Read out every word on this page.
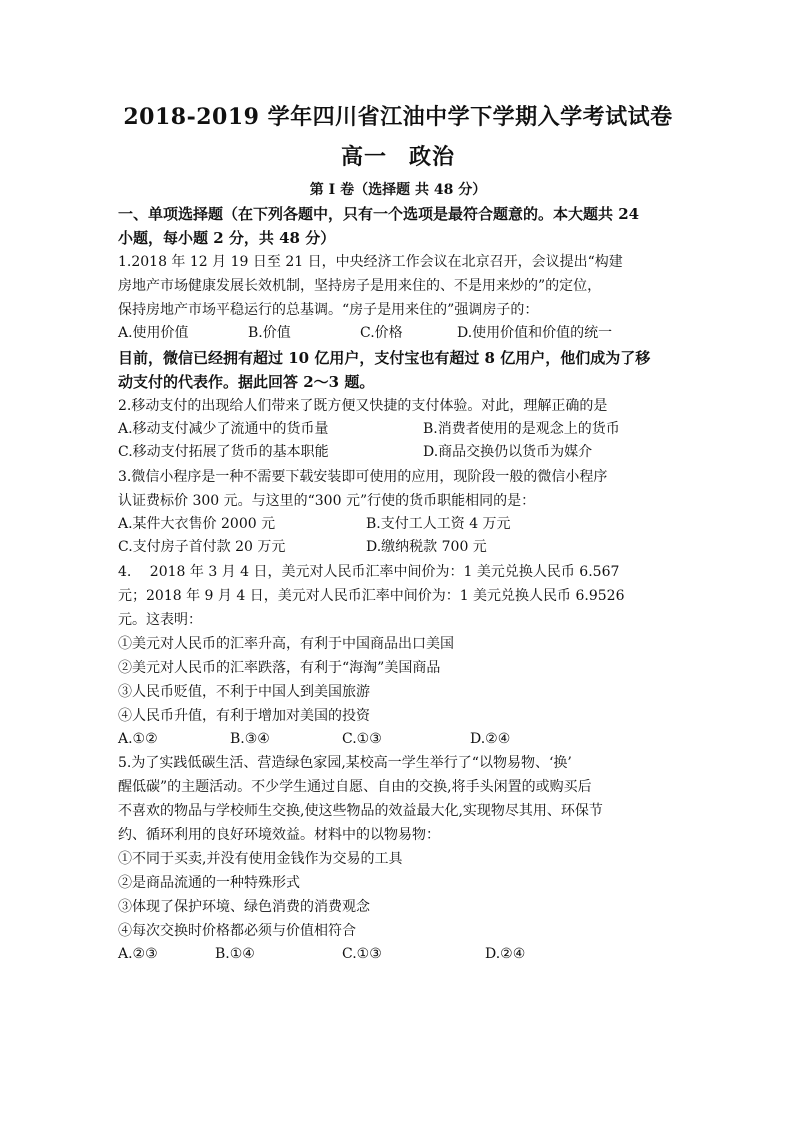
2018-2019 学年四川省江油中学下学期入学考试试卷
高一 政治
第 I 卷（选择题 共 48 分）

一、单项选择题（在下列各题中，只有一个选项是最符合题意的。本大题共 24

小题，每小题 2 分，共 48 分）

1.2018 年 12 月 19 日至 21 日，中央经济工作会议在北京召开，会议提出“构建

房地产市场健康发展长效机制，坚持房子是用来住的、不是用来炒的”的定位，

保持房地产市场平稳运行的总基调。“房子是用来住的”强调房子的：

A.使用价值	B.价值	C.价格	D.使用价值和价值的统一

目前，微信已经拥有超过 10 亿用户，支付宝也有超过 8 亿用户，他们成为了移

动支付的代表作。据此回答 2～3 题。

2.移动支付的出现给人们带来了既方便又快捷的支付体验。对此，理解正确的是

A.移动支付减少了流通中的货币量	B.消费者使用的是观念上的货币
C.移动支付拓展了货币的基本职能	D.商品交换仍以货币为媒介

3.微信小程序是一种不需要下载安装即可使用的应用，现阶段一般的微信小程序

认证费标价 300 元。与这里的“300 元”行使的货币职能相同的是：

A.某件大衣售价 2000 元	B.支付工人工资 4 万元
C.支付房子首付款 20 万元	D.缴纳税款 700 元

4.　 2018 年 3 月 4 日，美元对人民币汇率中间价为：1 美元兑换人民币 6.567

元；2018 年 9 月 4 日，美元对人民币汇率中间价为：1 美元兑换人民币 6.9526

元。这表明：

①美元对人民币的汇率升高，有利于中国商品出口美国

②美元对人民币的汇率跌落，有利于“海淘”美国商品

③人民币贬值，不利于中国人到美国旅游

④人民币升值，有利于增加对美国的投资

A.①②	B.③④	C.①③	D.②④

5.为了实践低碳生活、营造绿色家园,某校高一学生举行了“以物易物、‘换’

醒低碳”的主题活动。不少学生通过自愿、自由的交换,将手头闲置的或购买后

不喜欢的物品与学校师生交换,使这些物品的效益最大化,实现物尽其用、环保节

约、循环利用的良好环境效益。材料中的以物易物：

①不同于买卖,并没有使用金钱作为交易的工具

②是商品流通的一种特殊形式

③体现了保护环境、绿色消费的消费观念

④每次交换时价格都必须与价值相符合

A.②③	B.①④	C.①③	D.②④
